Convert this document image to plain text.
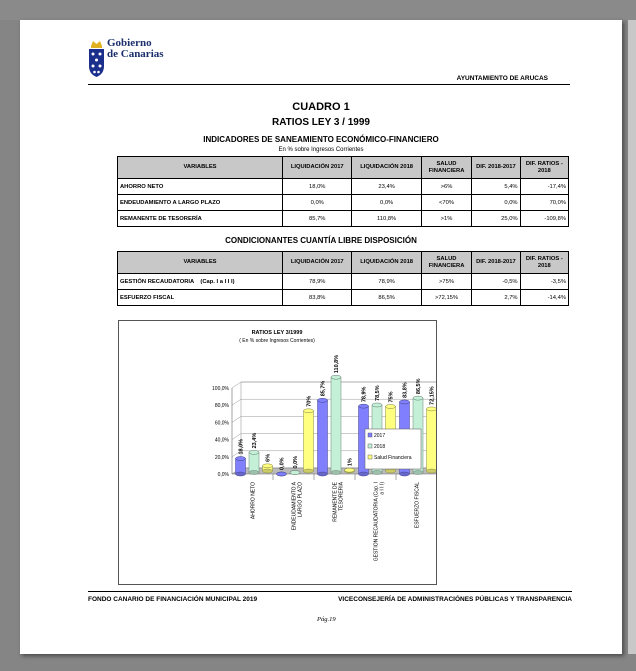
Gobierno
de Canarias
AYUNTAMIENTO DE ARUCAS
CUADRO 1
RATIOS LEY 3 / 1999
INDICADORES DE SANEAMIENTO ECONÓMICO-FINANCIERO
En % sobre Ingresos Corrientes
VARIABLES	LIQUIDACIÓN 2017	LIQUIDACIÓN 2018	SALUD FINANCIERA	DIF. 2018-2017	DIF. RATIOS - 2018
AHORRO NETO	18,0%	23,4%	>6%	5,4%	-17,4%
ENDEUDAMIENTO A LARGO PLAZO	0,0%	0,0%	<70%	0,0%	70,0%
REMANENTE DE TESORERÍA	85,7%	110,8%	>1%	25,0%	-109,8%
CONDICIONANTES CUANTÍA LIBRE DISPOSICIÓN
VARIABLES	LIQUIDACIÓN 2017	LIQUIDACIÓN 2018	SALUD FINANCIERA	DIF. 2018-2017	DIF. RATIOS - 2018
GESTIÓN RECAUDATORIA    (Cap. I a I I I)	78,9%	78,9%	>75%	-0,5%	-3,5%
ESFUERZO FISCAL	83,8%	86,5%	>72,15%	2,7%	-14,4%
RATIOS LEY 3/1999
( En % sobre Ingresos Corrientes)
0,0%
20,0%
40,0%
60,0%
80,0%
100,0%
18,0% 23,4%
6%
AHORRO NETO
0,0% 0,0%
70%
ENDEUDAMIENTO A LARGO PLAZO
85,7%
110,8%
1%
REMANENTE DE TESORERIA
78,9% 78,5% 75%
GESTION RECAUDATORIA (Cap. I a I I I)
83,8% 86,5% 72,15%
ESFUERZO FISCAL
2017
2018
Salud Financiera
FONDO CANARIO DE FINANCIACIÓN MUNICIPAL 2019	VICECONSEJERÍA DE ADMINISTRACIÓNES PÚBLICAS Y TRANSPARENCIA
Pág.19
